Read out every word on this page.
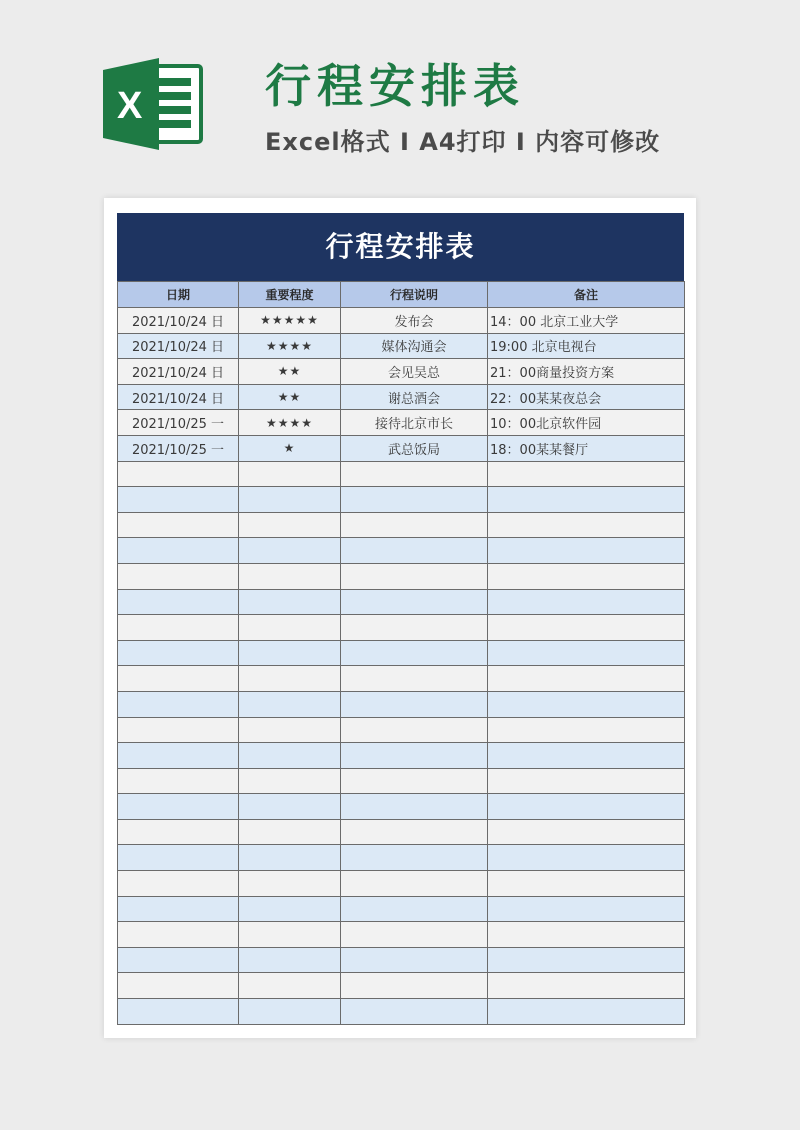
X	行程安排表
Excel格式 I A4打印 I 内容可修改
行程安排表
日期	重要程度	行程说明	备注
2021/10/24 日	★★★★★	发布会	14：00 北京工业大学
2021/10/24 日	★★★★	媒体沟通会	19:00 北京电视台
2021/10/24 日	★★	会见吴总	21：00商量投资方案
2021/10/24 日	★★	谢总酒会	22：00某某夜总会
2021/10/25 一	★★★★	接待北京市长	10：00北京软件园
2021/10/25 一	★	武总饭局	18：00某某餐厅
